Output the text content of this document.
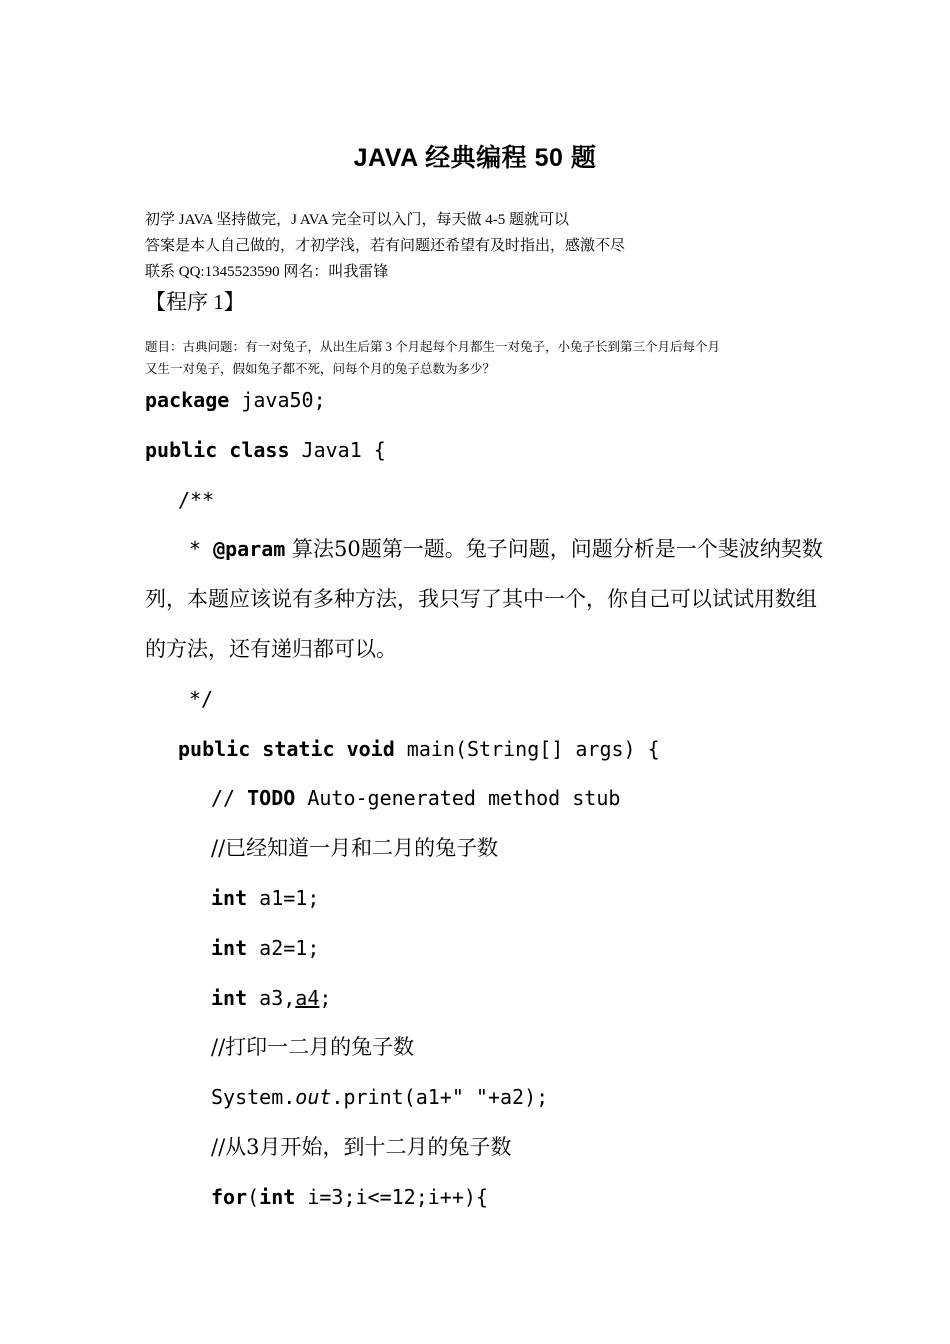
JAVA 经典编程 50 题
初学 JAVA 坚持做完，J AVA 完全可以入门，每天做 4-5 题就可以
答案是本人自己做的，才初学浅，若有问题还希望有及时指出，感激不尽
联系 QQ:1345523590 网名：叫我雷锋
【程序 1】
题目：古典问题：有一对兔子，从出生后第 3 个月起每个月都生一对兔子，小兔子长到第三个月后每个月
又生一对兔子，假如兔子都不死，问每个月的兔子总数为多少？
package java50;
public class Java1 {
/**
* @param 算法50题第一题。兔子问题，问题分析是一个斐波纳契数列，本题应该说有多种方法，我只写了其中一个，你自己可以试试用数组的方法，还有递归都可以。
*/
public static void main(String[] args) {
// TODO Auto-generated method stub
//已经知道一月和二月的兔子数
int a1=1;
int a2=1;
int a3,a4;
//打印一二月的兔子数
System.out.print(a1+" "+a2);
//从3月开始，到十二月的兔子数
for(int i=3;i<=12;i++){
